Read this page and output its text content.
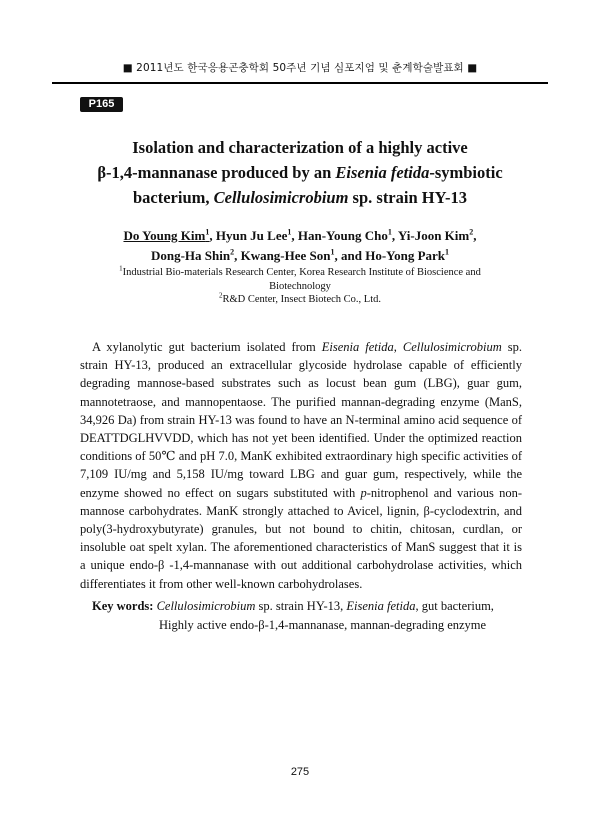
■ 2011년도 한국응용곤충학회 50주년 기념 심포지엄 및 춘계학술발표회 ■
P165
Isolation and characterization of a highly active
β-1,4-mannanase produced by an Eisenia fetida-symbiotic
bacterium, Cellulosimicrobium sp. strain HY-13
Do Young Kim$^1$, Hyun Ju Lee$^1$, Han-Young Cho$^1$, Yi-Joon Kim$^2$,
Dong-Ha Shin$^2$, Kwang-Hee Son$^1$, and Ho-Yong Park$^1$
$^1$Industrial Bio-materials Research Center, Korea Research Institute of Bioscience and
Biotechnology
$^2$R&D Center, Insect Biotech Co., Ltd.
A xylanolytic gut bacterium isolated from Eisenia fetida, Cellulosimicrobium sp. strain HY-13, produced an extracellular glycoside hydrolase capable of efficiently degrading mannose-based substrates such as locust bean gum (LBG), guar gum, mannotetraose, and mannopentaose. The purified mannan-degrading enzyme (ManS, 34,926 Da) from strain HY-13 was found to have an N-terminal amino acid sequence of DEATTDGLHVVDD, which has not yet been identified. Under the optimized reaction conditions of 50℃ and pH 7.0, ManK exhibited extraordinary high specific activities of 7,109 IU/mg and 5,158 IU/mg toward LBG and guar gum, respectively, while the enzyme showed no effect on sugars substituted with p-nitrophenol and various non-mannose carbohydrates. ManK strongly attached to Avicel, lignin, β-cyclodextrin, and poly(3-hydroxybutyrate) granules, but not bound to chitin, chitosan, curdlan, or insoluble oat spelt xylan. The aforementioned characteristics of ManS suggest that it is a unique endo-β -1,4-mannanase with out additional carbohydrolase activities, which differentiates it from other well-known carbohydrolases.
Key words: Cellulosimicrobium sp. strain HY-13, Eisenia fetida, gut bacterium,
Highly active endo-β-1,4-mannanase, mannan-degrading enzyme
275
